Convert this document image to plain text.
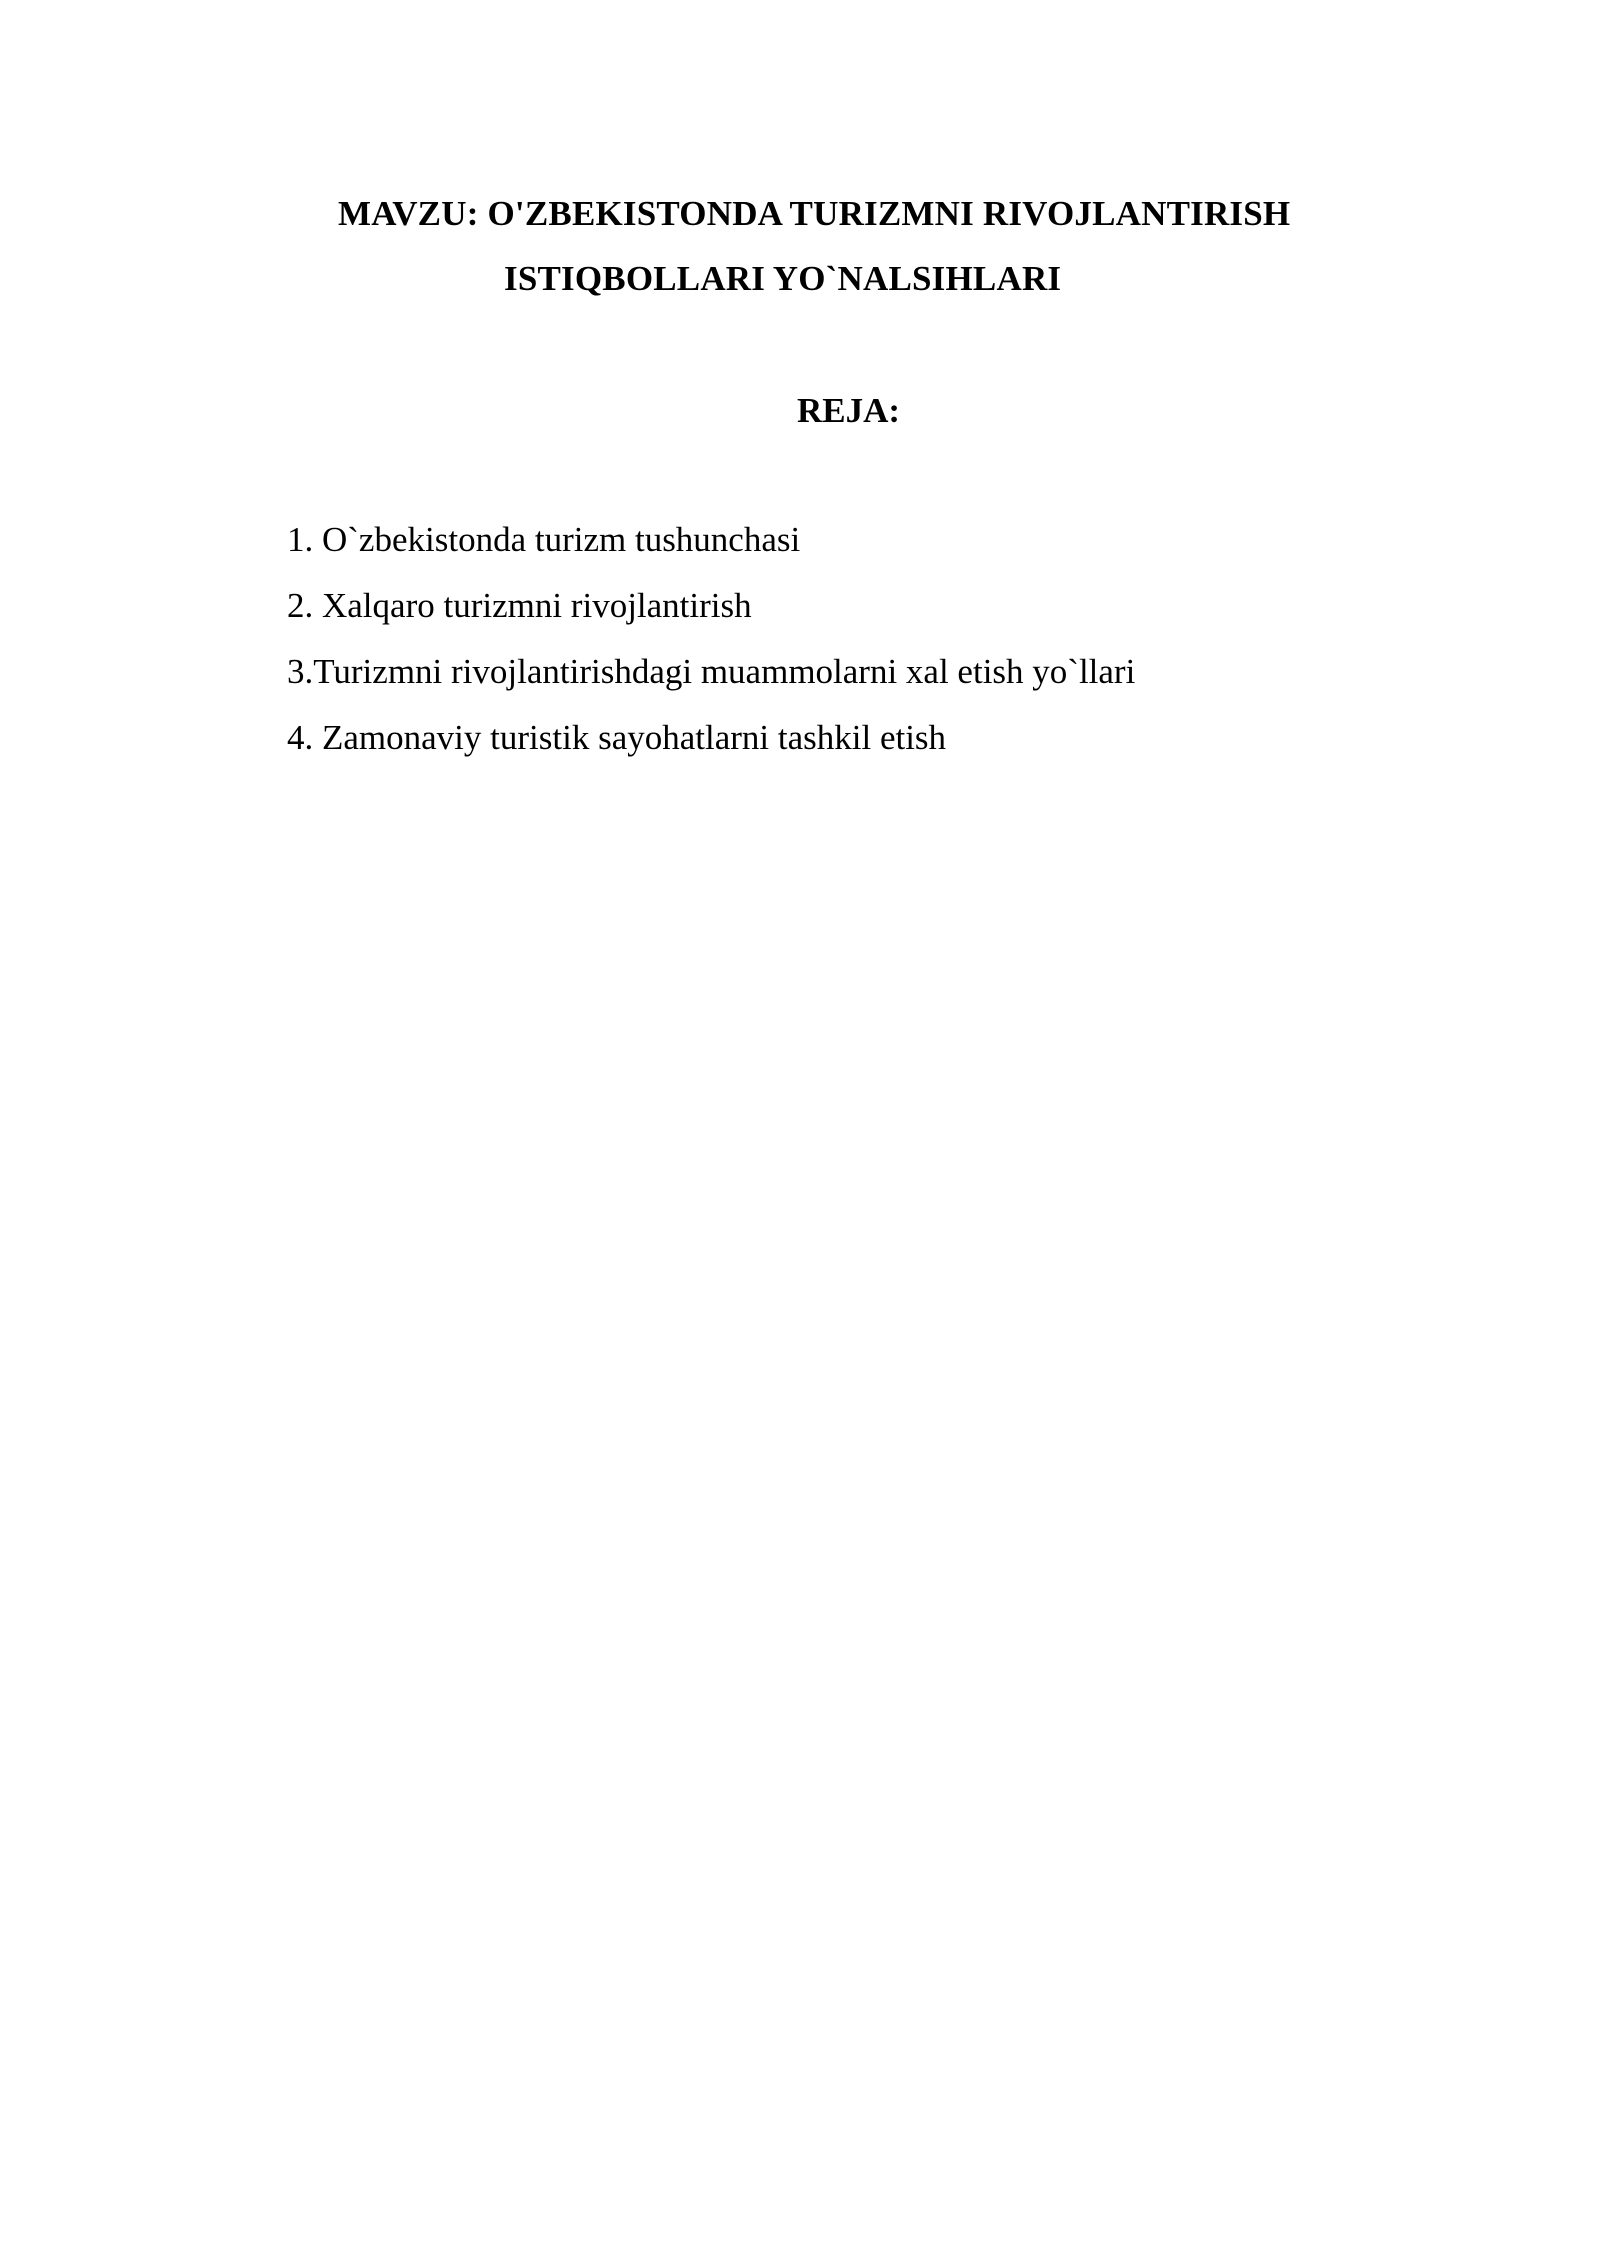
MAVZU: O'ZBEKISTONDA TURIZMNI RIVOJLANTIRISH
ISTIQBOLLARI YO`NALSIHLARI
REJA:
1. O`zbekistonda turizm tushunchasi
2. Xalqaro turizmni rivojlantirish
3.Turizmni rivojlantirishdagi muammolarni xal etish yo`llari
4. Zamonaviy turistik sayohatlarni tashkil etish
